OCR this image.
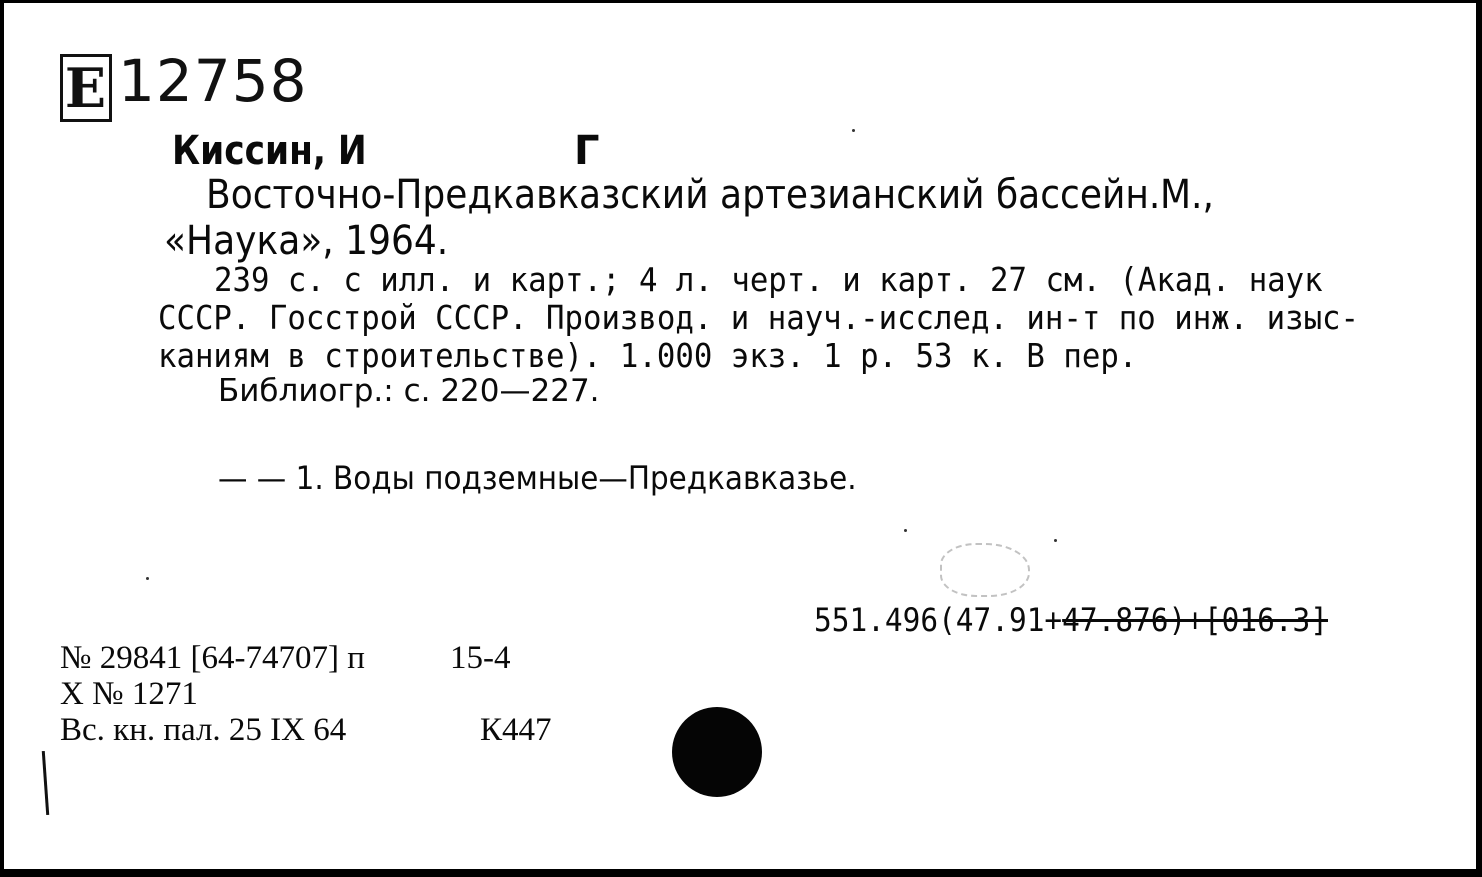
E 12758
Киссин, И	Г
Восточно-Предкавказский артезианский бассейн. М.,
«Наука», 1964.
239 с. с илл. и карт.; 4 л. черт. и карт. 27 см. (Акад. наук
СССР. Госстрой СССР. Производ. и науч.-исслед. ин-т по инж. изыс-
каниям в строительстве). 1.000 экз. 1 р. 53 к. В пер.
Библиогр.: с. 220—227.
— — 1. Воды подземные—Предкавказье.
551.496(47.91+47.876)+[016.3]
№ 29841 [64-74707] п	15-4
X № 1271
Вс. кн. пал. 25 IX 64	К447
